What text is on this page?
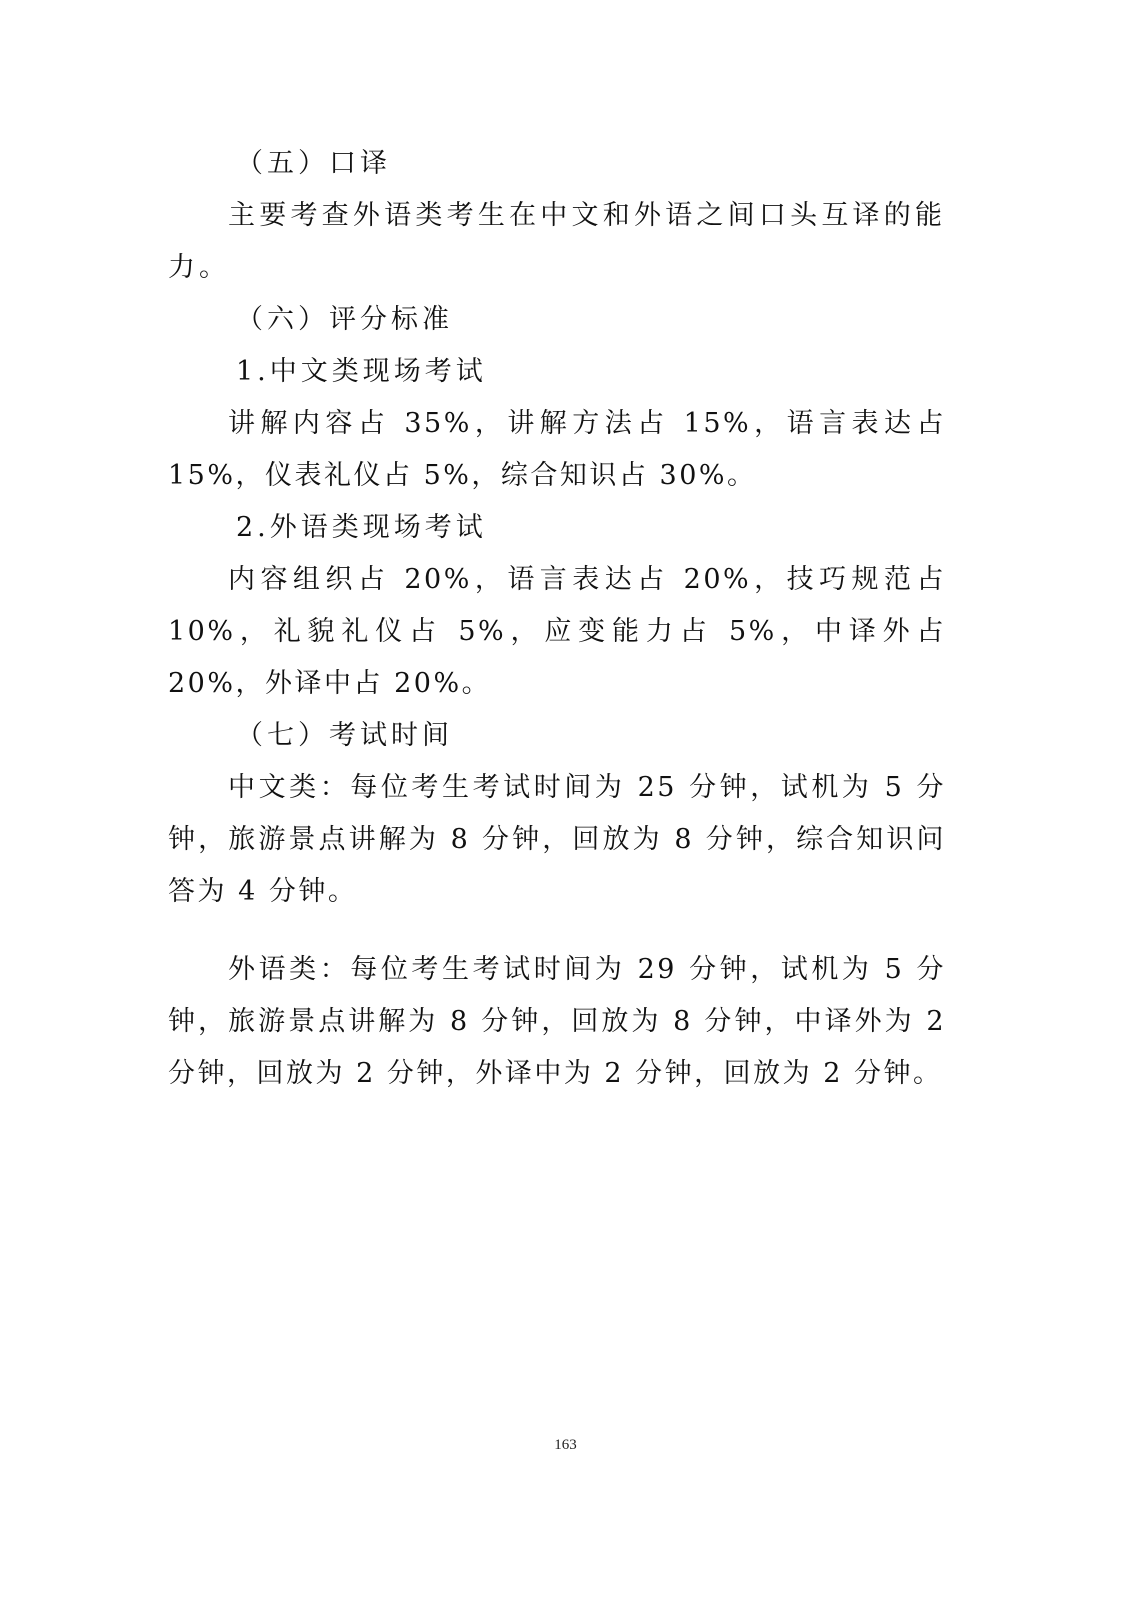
（五）口译

主要考查外语类考生在中文和外语之间口头互译的能力。

（六）评分标准
1.中文类现场考试

讲解内容占 35%，讲解方法占 15%，语言表达占 15%，仪表礼仪占 5%，综合知识占 30%。

2.外语类现场考试

内容组织占 20%，语言表达占 20%，技巧规范占 10%，礼貌礼仪占 5%，应变能力占 5%，中译外占 20%，外译中占 20%。

（七）考试时间

中文类：每位考生考试时间为 25 分钟，试机为 5 分钟，旅游景点讲解为 8 分钟，回放为 8 分钟，综合知识问答为 4 分钟。

外语类：每位考生考试时间为 29 分钟，试机为 5 分钟，旅游景点讲解为 8 分钟，回放为 8 分钟，中译外为 2 分钟，回放为 2 分钟，外译中为 2 分钟，回放为 2 分钟。

163
